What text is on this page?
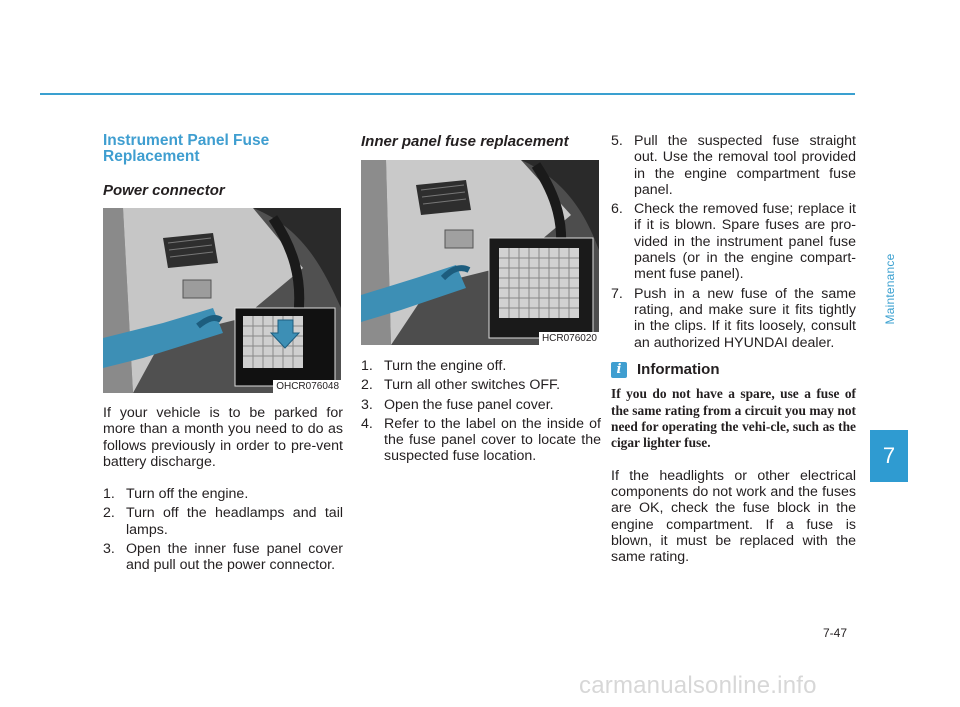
Instrument Panel Fuse Replacement
Power connector
OHCR076048

If your vehicle is to be parked for more than a month you need to do as follows previously in order to pre-vent battery discharge.

1. Turn off the engine.
2. Turn off the headlamps and tail lamps.
3. Open the inner fuse panel cover and pull out the power connector.
Inner panel fuse replacement
HCR076020
1. Turn the engine off.
2. Turn all other switches OFF.
3. Open the fuse panel cover.
4. Refer to the label on the inside of the fuse panel cover to locate the suspected fuse location.
5. Pull the suspected fuse straight out. Use the removal tool provided in the engine compartment fuse panel.
6. Check the removed fuse; replace it if it is blown. Spare fuses are pro-vided in the instrument panel fuse panels (or in the engine compart-ment fuse panel).
7. Push in a new fuse of the same rating, and make sure it fits tightly in the clips. If it fits loosely, consult an authorized HYUNDAI dealer.
i	Information

If you do not have a spare, use a fuse of the same rating from a circuit you may not need for operating the vehi-cle, such as the cigar lighter fuse.

If the headlights or other electrical components do not work and the fuses are OK, check the fuse block in the engine compartment. If a fuse is blown, it must be replaced with the same rating.

Maintenance
7
7-47
carmanualsonline.info
